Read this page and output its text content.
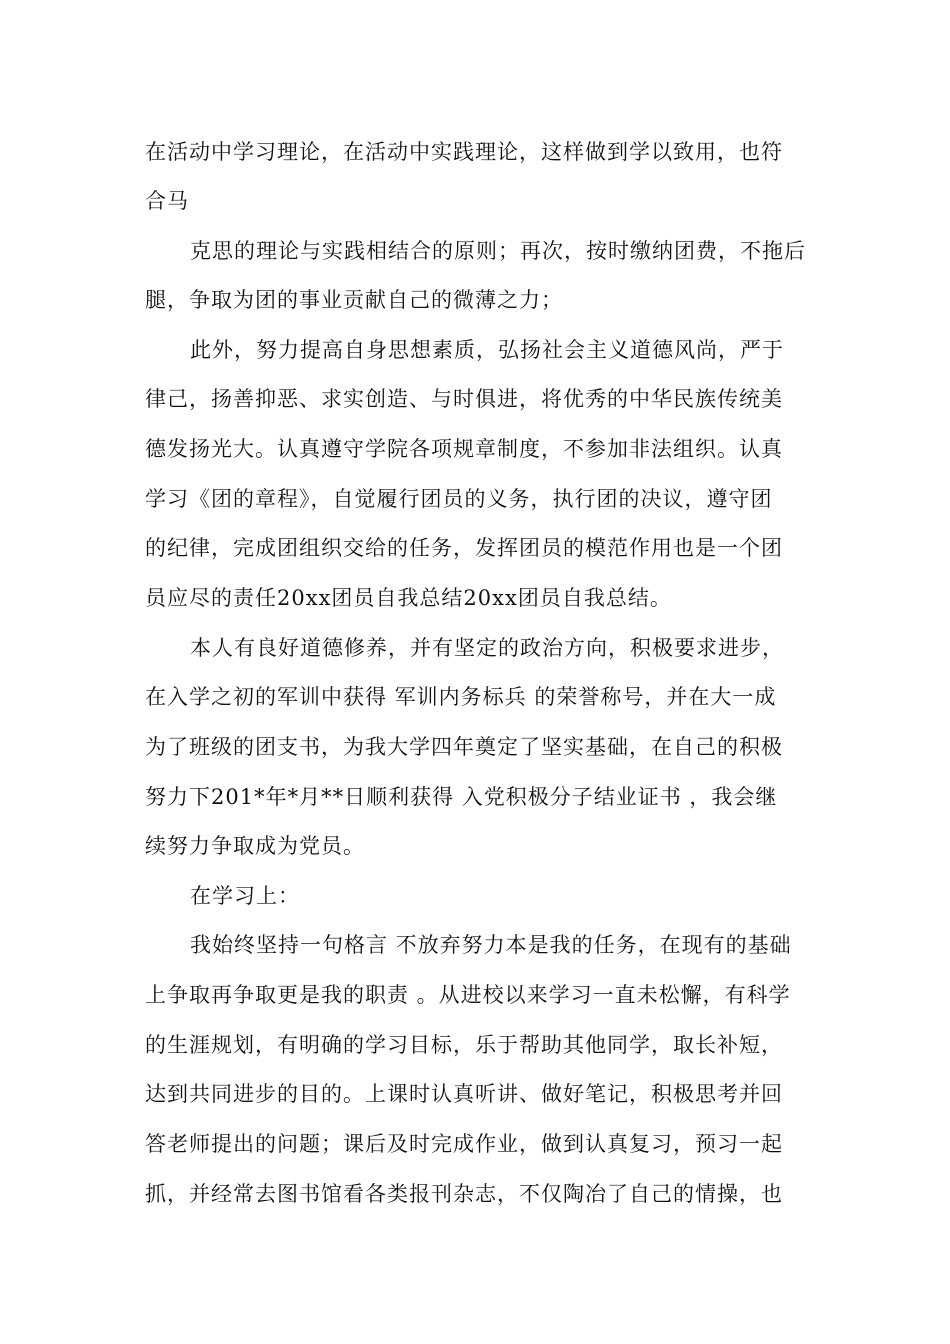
在活动中学习理论，在活动中实践理论，这样做到学以致用，也符
合马
克思的理论与实践相结合的原则；再次，按时缴纳团费，不拖后
腿，争取为团的事业贡献自己的微薄之力；
此外，努力提高自身思想素质，弘扬社会主义道德风尚，严于
律己，扬善抑恶、求实创造、与时俱进，将优秀的中华民族传统美
德发扬光大。认真遵守学院各项规章制度，不参加非法组织。认真
学习《团的章程》，自觉履行团员的义务，执行团的决议，遵守团
的纪律，完成团组织交给的任务，发挥团员的模范作用也是一个团
员应尽的责任20xx团员自我总结20xx团员自我总结。
本人有良好道德修养，并有坚定的政治方向，积极要求进步，
在入学之初的军训中获得 军训内务标兵 的荣誉称号，并在大一成
为了班级的团支书，为我大学四年奠定了坚实基础，在自己的积极
努力下201*年*月**日顺利获得 入党积极分子结业证书 ，我会继
续努力争取成为党员。
在学习上：
我始终坚持一句格言 不放弃努力本是我的任务，在现有的基础
上争取再争取更是我的职责 。从进校以来学习一直未松懈，有科学
的生涯规划，有明确的学习目标，乐于帮助其他同学，取长补短，
达到共同进步的目的。上课时认真听讲、做好笔记，积极思考并回
答老师提出的问题；课后及时完成作业，做到认真复习，预习一起
抓，并经常去图书馆看各类报刊杂志，不仅陶冶了自己的情操，也
